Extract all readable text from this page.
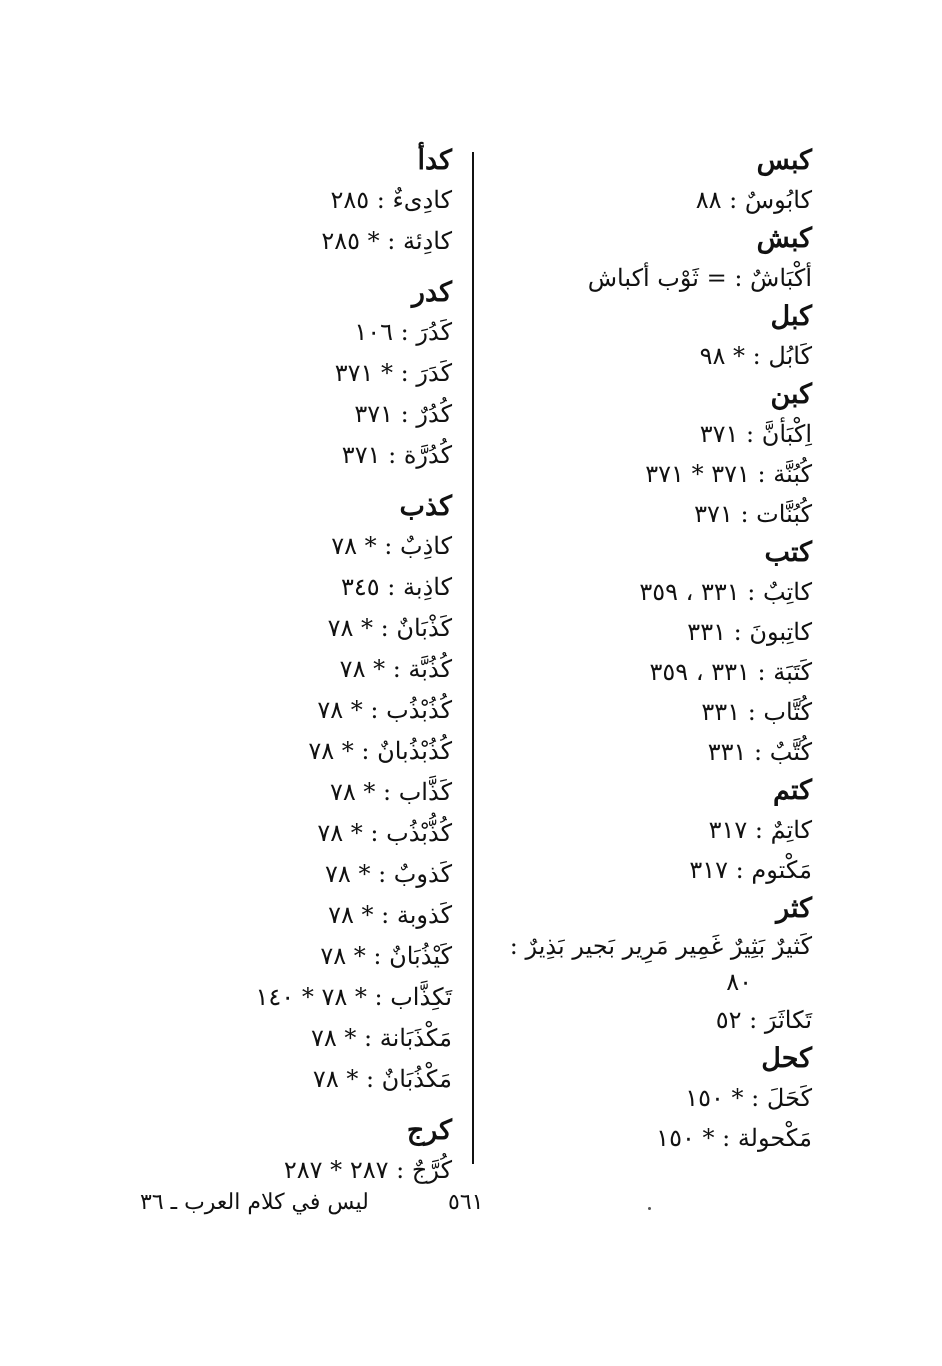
كبس
كابُوسٌ : ٨٨
كبش
أكْبَاشٌ : = ثَوْب أكباش
كبل
كَابُل : * ٩٨
كبن
اِكْبَأنَّ : ٣٧١
كُبُنَّة : ٣٧١ * ٣٧١
كُبُنَّات : ٣٧١
كتب
كاتِبٌ : ٣٣١ ، ٣٥٩
كاتِبونَ : ٣٣١
كَتَبَة : ٣٣١ ، ٣٥٩
كُتَّاب : ٣٣١
كُتَّبٌ : ٣٣١
كتم
كاتِمٌ : ٣١٧
مَكْتوم : ٣١٧
كثر
كَثيرٌ بَثِيرٌ غَمِير مَرِير بَجير بَذِيرٌ :
٨٠
تَكاثَرَ : ٥٢
كحل
كَحَلَ : * ١٥٠
مَكْحولة : * ١٥٠
كدأ
كادِىءٌ : ٢٨٥
كادِئة : * ٢٨٥
كدر
كَدُرَ : ١٠٦
كَدَرَ : * ٣٧١
كُدُرٌ : ٣٧١
كُدُرَّة : ٣٧١
كذب
كاذِبٌ : * ٧٨
كاذِبة : ٣٤٥
كَذْبَانٌ : * ٧٨
كُذُبَّة : * ٧٨
كُذُبْذُب : * ٧٨
كُذُبْذُبانٌ : * ٧٨
كَذَّاب : * ٧٨
كُذُّبْذُب : * ٧٨
كَذوبٌ : * ٧٨
كَذوبة : * ٧٨
كَيْذُبَانٌ : * ٧٨
تَكِذَّاب : * ٧٨ * ١٤٠
مَكْذَبَانة : * ٧٨
مَكْذُبَانٌ : * ٧٨
كرج
كُرَّجٌ : ٢٨٧ * ٢٨٧
٥٦١
ليس في كلام العرب ـ ٣٦
